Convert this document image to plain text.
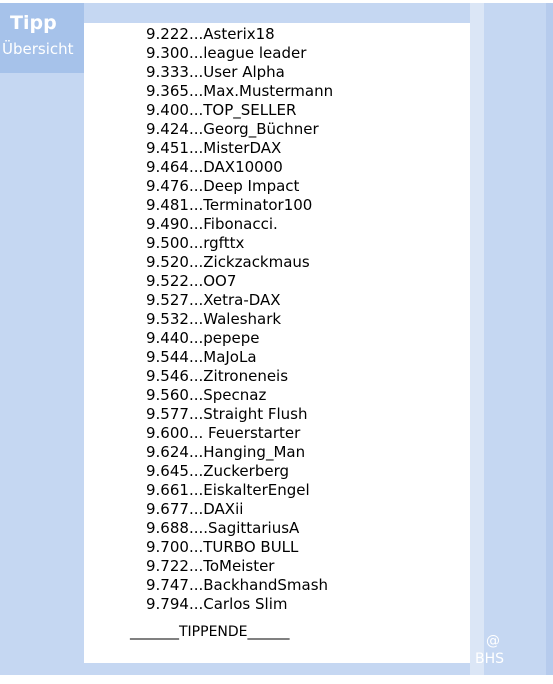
Tipp
Übersicht
9.222...Asterix18
9.300...league leader
9.333...User Alpha
9.365...Max.Mustermann
9.400...TOP_SELLER
9.424...Georg_Büchner
9.451...MisterDAX
9.464...DAX10000
9.476...Deep Impact
9.481...Terminator100
9.490...Fibonacci.
9.500...rgfttx
9.520...Zickzackmaus
9.522...OO7
9.527...Xetra-DAX
9.532...Waleshark
9.440...pepepe
9.544...MaJoLa
9.546...Zitroneneis
9.560...Specnaz
9.577...Straight Flush
9.600... Feuerstarter
9.624...Hanging_Man
9.645...Zuckerberg
9.661...EiskalterEngel
9.677...DAXii
9.688....SagittariusA
9.700...TURBO BULL
9.722...ToMeister
9.747...BackhandSmash
9.794...Carlos Slim
_______TIPPENDE______
@
BHS
